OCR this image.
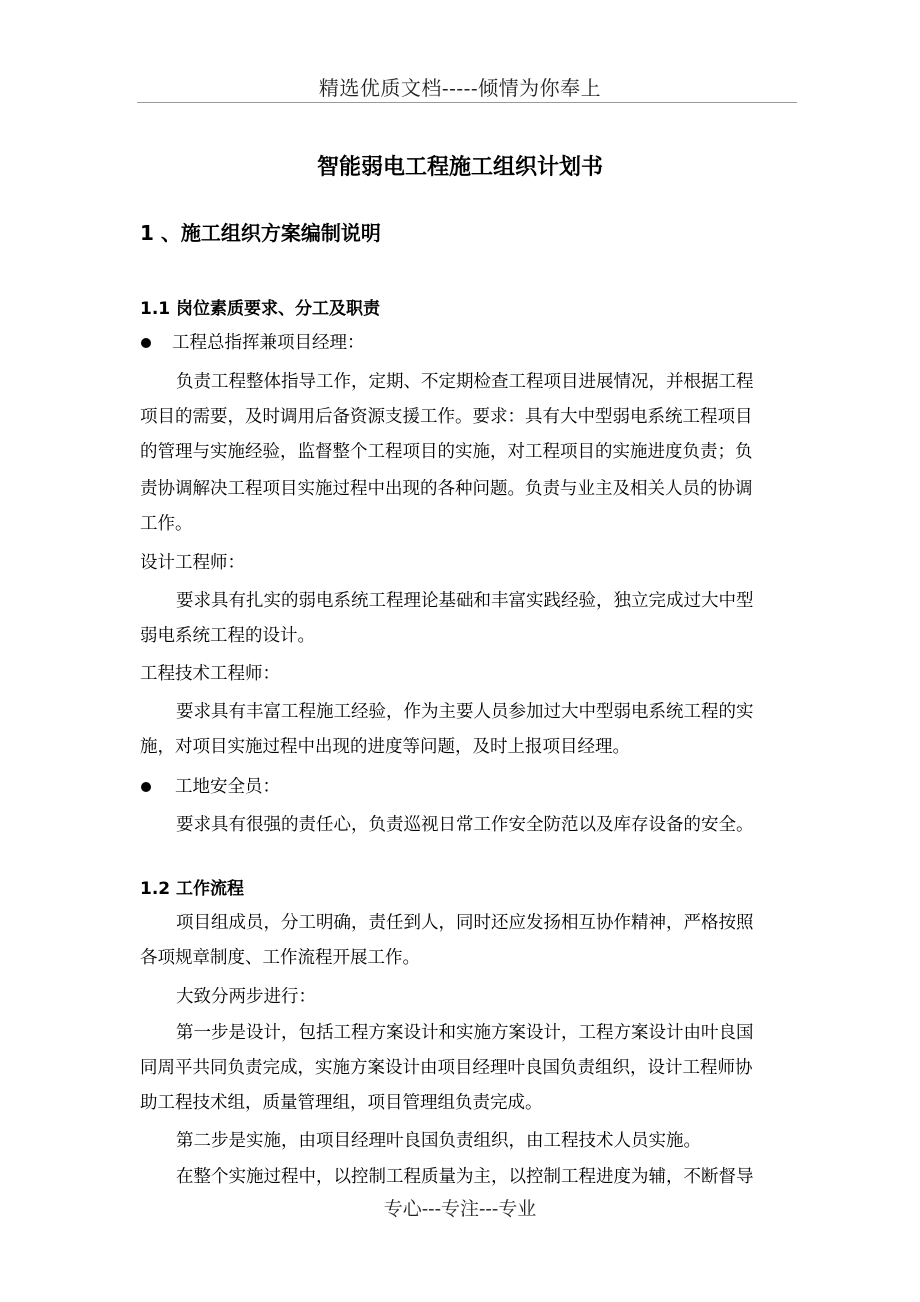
精选优质文档-----倾情为你奉上
智能弱电工程施工组织计划书
1 、施工组织方案编制说明
1.1 岗位素质要求、分工及职责

工程总指挥兼项目经理：

负责工程整体指导工作，定期、不定期检查工程项目进展情况，并根据工程

项目的需要，及时调用后备资源支援工作。要求：具有大中型弱电系统工程项目

的管理与实施经验，监督整个工程项目的实施，对工程项目的实施进度负责；负

责协调解决工程项目实施过程中出现的各种问题。负责与业主及相关人员的协调

工作。

设计工程师：

要求具有扎实的弱电系统工程理论基础和丰富实践经验，独立完成过大中型

弱电系统工程的设计。

工程技术工程师：

要求具有丰富工程施工经验，作为主要人员参加过大中型弱电系统工程的实

施，对项目实施过程中出现的进度等问题，及时上报项目经理。

工地安全员：

要求具有很强的责任心，负责巡视日常工作安全防范以及库存设备的安全。

1.2 工作流程

项目组成员，分工明确，责任到人，同时还应发扬相互协作精神，严格按照

各项规章制度、工作流程开展工作。

大致分两步进行：

第一步是设计，包括工程方案设计和实施方案设计，工程方案设计由叶良国

同周平共同负责完成，实施方案设计由项目经理叶良国负责组织，设计工程师协

助工程技术组，质量管理组，项目管理组负责完成。

第二步是实施，由项目经理叶良国负责组织，由工程技术人员实施。

在整个实施过程中，以控制工程质量为主，以控制工程进度为辅，不断督导

专心---专注---专业
